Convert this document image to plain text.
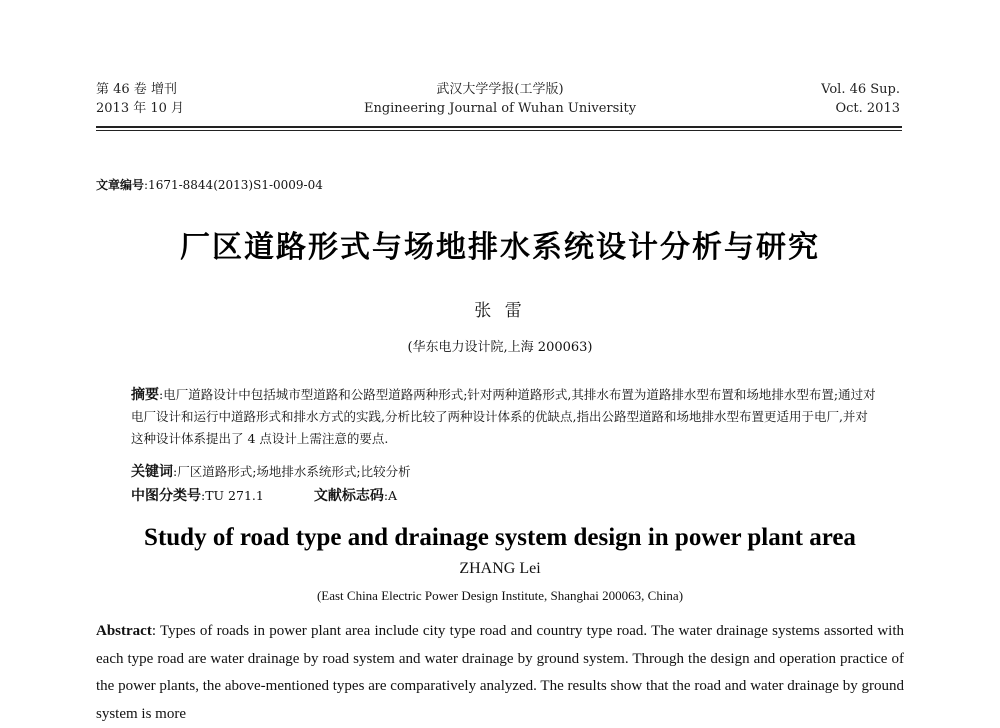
第 46 卷 增刊
2013 年 10 月
武汉大学学报(工学版)
Engineering Journal of Wuhan University
Vol. 46 Sup.
Oct. 2013
文章编号:1671-8844(2013)S1-0009-04
厂区道路形式与场地排水系统设计分析与研究
张 雷
(华东电力设计院,上海 200063)
摘要:电厂道路设计中包括城市型道路和公路型道路两种形式;针对两种道路形式,其排水布置为道路排水型布置和场地排水型布置;通过对电厂设计和运行中道路形式和排水方式的实践,分析比较了两种设计体系的优缺点,指出公路型道路和场地排水型布置更适用于电厂,并对这种设计体系提出了 4 点设计上需注意的要点.
关键词:厂区道路形式;场地排水系统形式;比较分析
中图分类号:TU 271.1	文献标志码:A
Study of road type and drainage system design in power plant area
ZHANG Lei
(East China Electric Power Design Institute, Shanghai 200063, China)
Abstract: Types of roads in power plant area include city type road and country type road. The water drainage systems assorted with each type road are water drainage by road system and water drainage by ground system. Through the design and operation practice of the power plants, the above-mentioned types are comparatively analyzed. The results show that the road and water drainage by ground system is more
